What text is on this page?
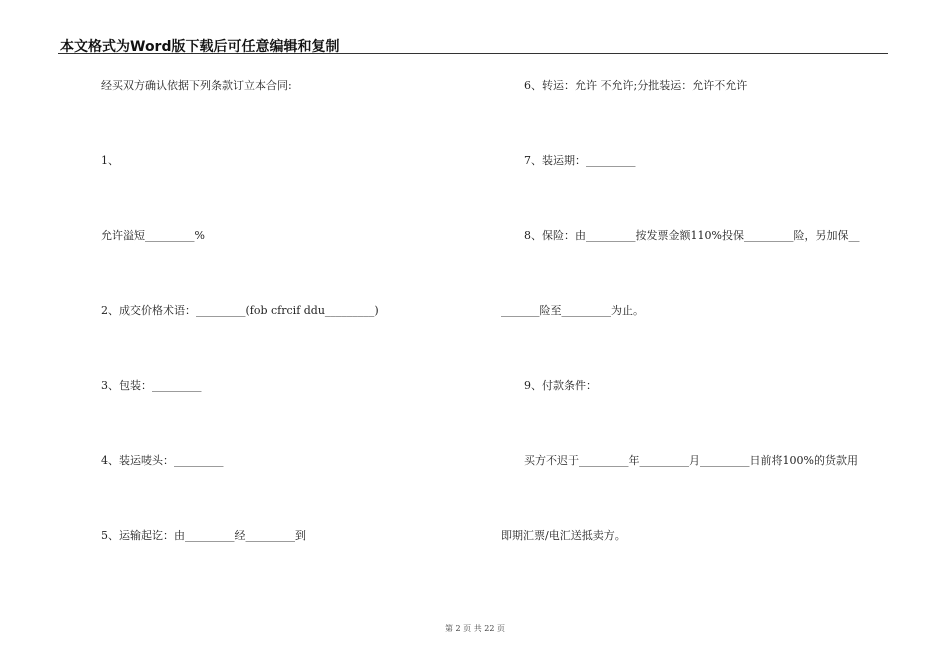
本文格式为Word版下载后可任意编辑和复制
经买双方确认依据下列条款订立本合同:
1、
允许溢短_________%
2、成交价格术语：_________(fob cfrcif ddu_________)
3、包装：_________
4、装运唛头：_________
5、运输起讫：由_________经_________到
6、转运：允许 不允许;分批装运：允许不允许
7、装运期：_________
8、保险：由_________按发票金额110%投保_________险，另加保__
_______险至_________为止。
9、付款条件：
买方不迟于_________年_________月_________日前将100%的货款用
即期汇票/电汇送抵卖方。
第 2 页 共 22 页
